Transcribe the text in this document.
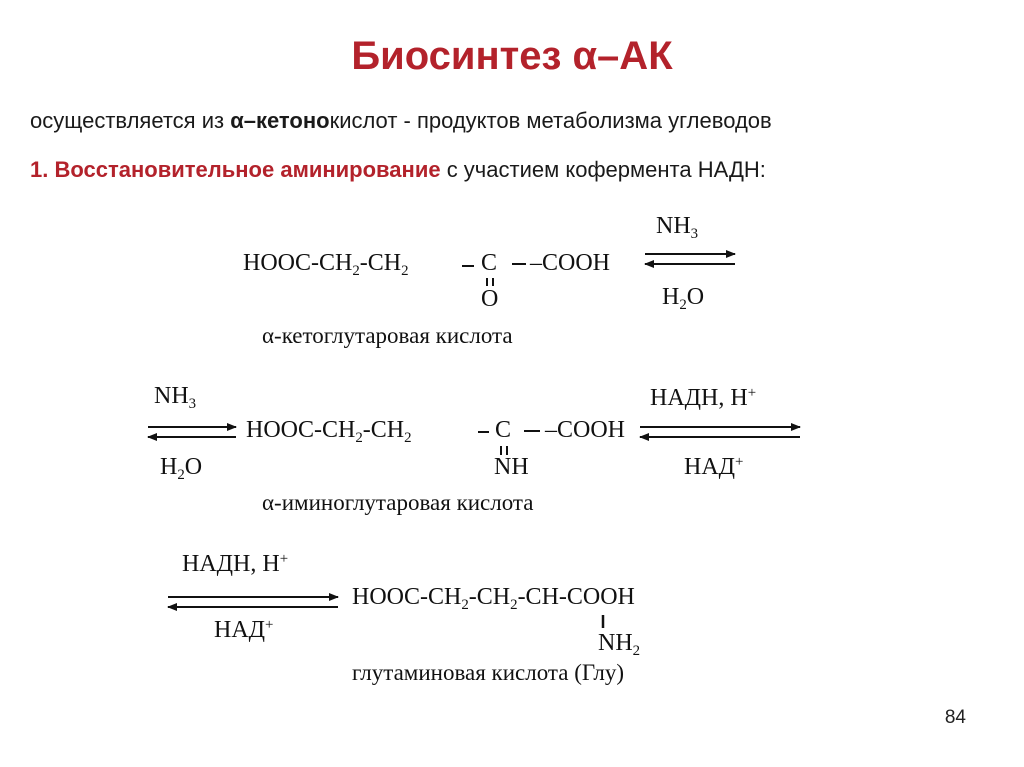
Биосинтез α–АК
осуществляется из α–кетонокислот - продуктов метаболизма углеводов
1. Восстановительное аминирование с участием кофермента НАДН:
HOOC-$CH_2-CH_2$	C –COOH
O
α-кетоглутаровая кислота
$NH_3$
$H_2O$
$NH_3$
$H_2O$
HOOC-$CH_2-CH_2$	C –COOH
NH
α-иминоглутаровая кислота
НАДН, Н+
НАД+
НАДН, Н+
НАД+
HOOC-$CH_2-CH_2-CH$-COOH
$NH_2$
глутаминовая кислота (Глу)
84
